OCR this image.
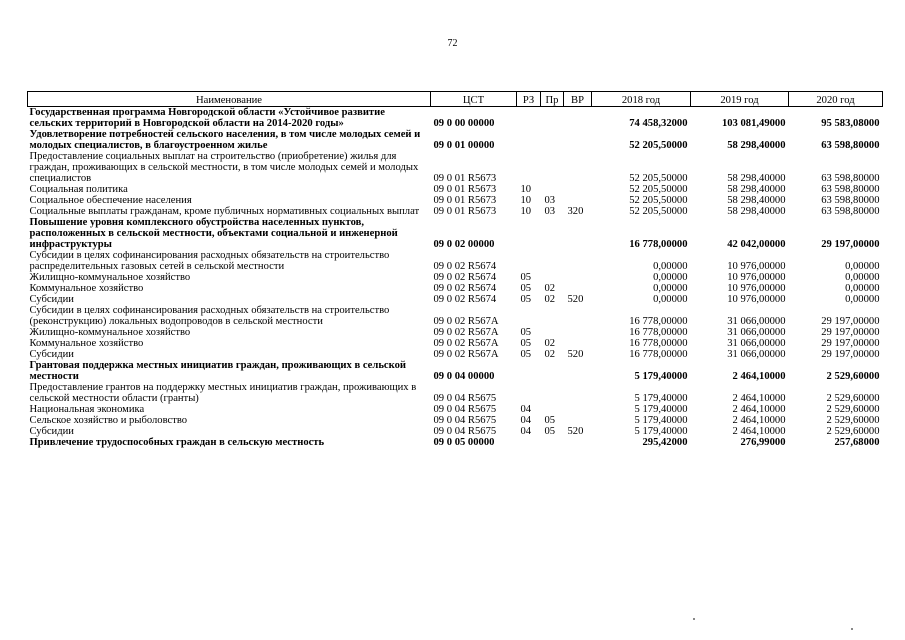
72
Наименование	ЦСТ	РЗ	Пр	ВР	2018 год	2019 год	2020 год
Государственная программа Новгородской области «Устойчивое развитие сельских территорий в Новгородской области на 2014-2020 годы»	09 0 00 00000				74 458,32000	103 081,49000	95 583,08000
Удовлетворение потребностей сельского населения, в том числе молодых семей и молодых специалистов, в благоустроенном жилье	09 0 01 00000				52 205,50000	58 298,40000	63 598,80000
Предоставление социальных выплат на строительство (приобретение) жилья для граждан, проживающих в сельской местности, в том числе молодых семей и молодых специалистов	09 0 01 R5673				52 205,50000	58 298,40000	63 598,80000
Социальная политика	09 0 01 R5673	10			52 205,50000	58 298,40000	63 598,80000
Социальное обеспечение населения	09 0 01 R5673	10	03		52 205,50000	58 298,40000	63 598,80000
Социальные выплаты гражданам, кроме публичных нормативных социальных выплат	09 0 01 R5673	10	03	320	52 205,50000	58 298,40000	63 598,80000
Повышение уровня комплексного обустройства населенных пунктов, расположенных в сельской местности, объектами социальной и инженерной инфраструктуры	09 0 02 00000				16 778,00000	42 042,00000	29 197,00000
Субсидии в целях софинансирования расходных обязательств на строительство распределительных газовых сетей в сельской местности	09 0 02 R5674				0,00000	10 976,00000	0,00000
Жилищно-коммунальное хозяйство	09 0 02 R5674	05			0,00000	10 976,00000	0,00000
Коммунальное хозяйство	09 0 02 R5674	05	02		0,00000	10 976,00000	0,00000
Субсидии	09 0 02 R5674	05	02	520	0,00000	10 976,00000	0,00000
Субсидии в целях софинансирования расходных обязательств на строительство (реконструкцию) локальных водопроводов в сельской местности	09 0 02 R567A				16 778,00000	31 066,00000	29 197,00000
Жилищно-коммунальное хозяйство	09 0 02 R567A	05			16 778,00000	31 066,00000	29 197,00000
Коммунальное хозяйство	09 0 02 R567A	05	02		16 778,00000	31 066,00000	29 197,00000
Субсидии	09 0 02 R567A	05	02	520	16 778,00000	31 066,00000	29 197,00000
Грантовая поддержка местных инициатив граждан, проживающих в сельской местности	09 0 04 00000				5 179,40000	2 464,10000	2 529,60000
Предоставление грантов на поддержку местных инициатив граждан, проживающих в сельской местности области (гранты)	09 0 04 R5675				5 179,40000	2 464,10000	2 529,60000
Национальная экономика	09 0 04 R5675	04			5 179,40000	2 464,10000	2 529,60000
Сельское хозяйство и рыболовство	09 0 04 R5675	04	05		5 179,40000	2 464,10000	2 529,60000
Субсидии	09 0 04 R5675	04	05	520	5 179,40000	2 464,10000	2 529,60000
Привлечение трудоспособных граждан в сельскую местность	09 0 05 00000				295,42000	276,99000	257,68000
